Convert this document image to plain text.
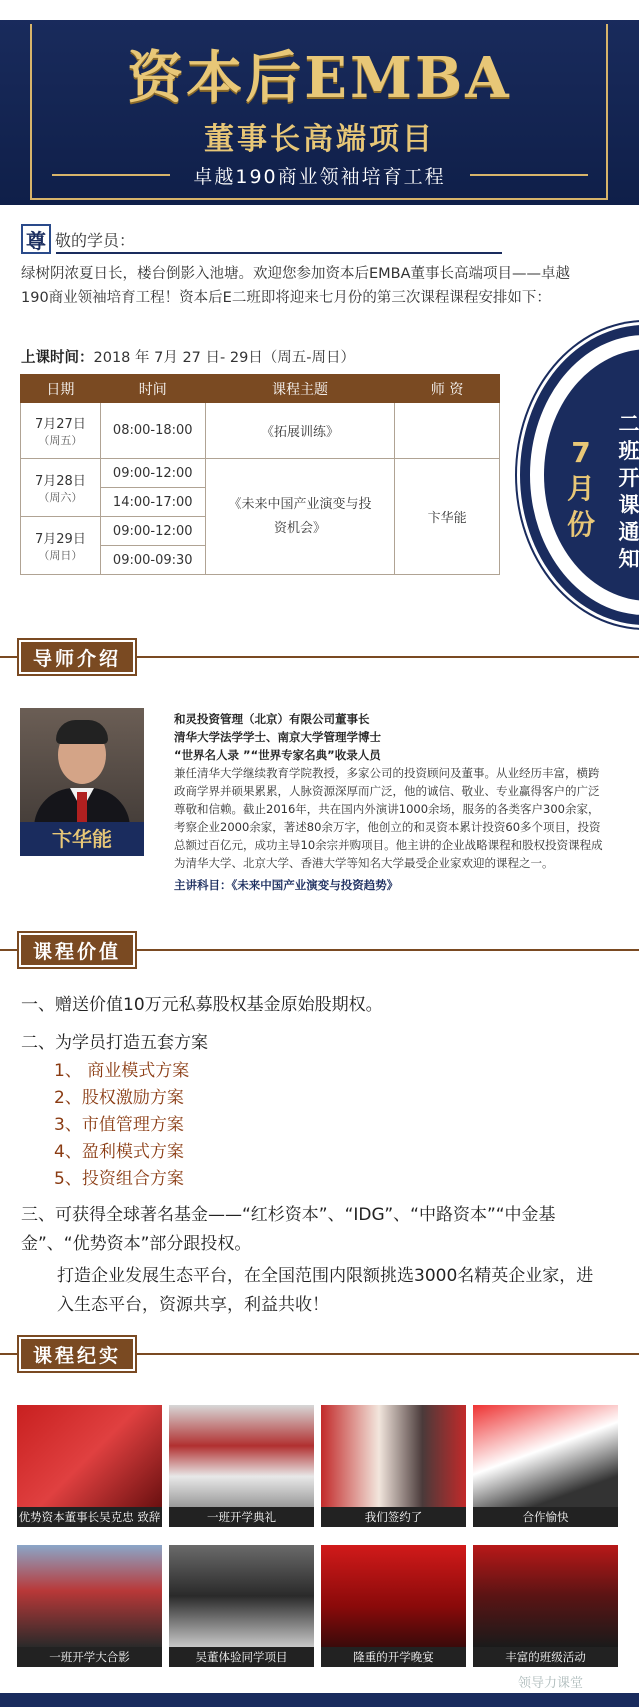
资本后EMBA
董事长高端项目
卓越190商业领袖培育工程
尊 敬的学员：
绿树阴浓夏日长，楼台倒影入池塘。欢迎您参加资本后EMBA董事长高端项目——卓越190商业领袖培育工程！资本后E二班即将迎来七月份的第三次课程课程安排如下：
上课时间：2018 年 7月 27 日- 29日（周五-周日）
日期	时间	课程主题	师 资
7月27日
（周五）	08:00-18:00	《拓展训练》	
7月28日
（周六）	09:00-12:00	《未来中国产业演变与投资机会》	卞华能
	14:00-17:00		
7月29日
（周日）	09:00-12:00		
	09:00-09:30		
7月份
二班开课通知
导师介绍
卞华能
和灵投资管理（北京）有限公司董事长
清华大学法学学士、南京大学管理学博士
“世界名人录 ”“世界专家名典”收录人员
兼任清华大学继续教育学院教授，多家公司的投资顾问及董事。从业经历丰富，横跨政商学界并硕果累累，人脉资源深厚而广泛，他的诚信、敬业、专业赢得客户的广泛尊敬和信赖。截止2016年，共在国内外演讲1000余场，服务的各类客户300余家，考察企业2000余家，著述80余万字，他创立的和灵资本累计投资60多个项目，投资总额过百亿元，成功主导10余宗并购项目。他主讲的企业战略课程和股权投资课程成为清华大学、北京大学、香港大学等知名大学最受企业家欢迎的课程之一。
主讲科目：《未来中国产业演变与投资趋势》
课程价值
一、赠送价值10万元私募股权基金原始股期权。
二、为学员打造五套方案
1、 商业模式方案
2、股权激励方案
3、市值管理方案
4、盈利模式方案
5、投资组合方案
三、可获得全球著名基金——“红杉资本”、“IDG”、“中路资本”“中金基金”、“优势资本”部分跟投权。
打造企业发展生态平台，在全国范围内限额挑选3000名精英企业家，进入生态平台，资源共享，利益共收！
课程纪实
优势资本董事长吴克忠 致辞	一班开学典礼	我们签约了	合作愉快
一班开学大合影	吴董体验同学项目	隆重的开学晚宴	丰富的班级活动
领导力课堂
